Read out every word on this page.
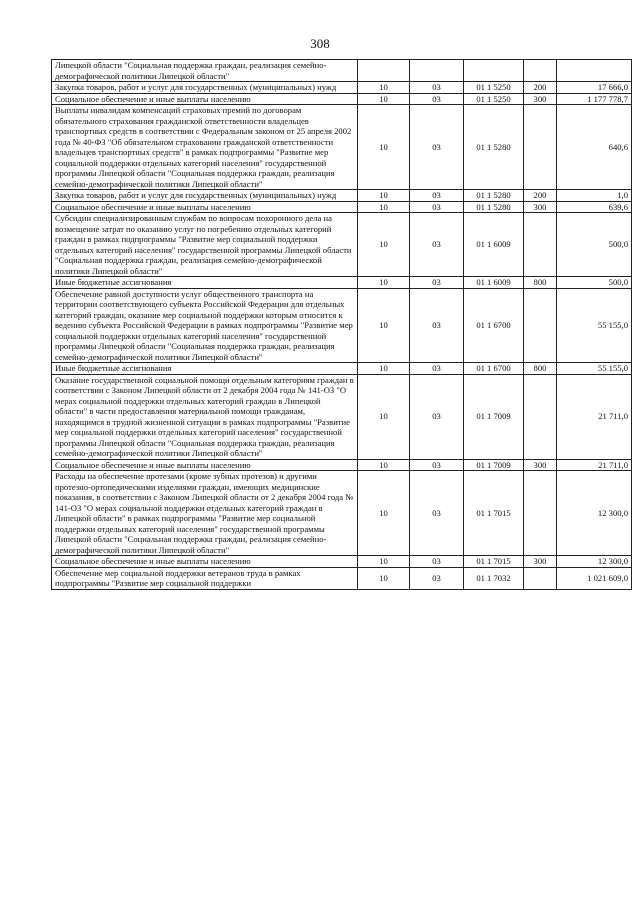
308
Липецкой области "Социальная поддержка граждан, реализация семейно-демографической политики Липецкой области"					
Закупка товаров, работ и услуг для государственных (муниципальных) нужд	10	03	01 1 5250	200	17 666,0
Социальное обеспечение и иные выплаты населению	10	03	01 1 5250	300	1 177 778,7
Выплаты инвалидам компенсаций страховых премий по договорам обязательного страхования гражданской ответственности владельцев транспортных средств в соответствии с Федеральным законом от 25 апреля 2002 года № 40-ФЗ "Об обязательном страховании гражданской ответственности владельцев транспортных средств" в рамках подпрограммы "Развитие мер социальной поддержки отдельных категорий населения" государственной программы Липецкой области "Социальная поддержка граждан, реализация семейно-демографической политики Липецкой области"	10	03	01 1 5280		640,6
Закупка товаров, работ и услуг для государственных (муниципальных) нужд	10	03	01 1 5280	200	1,0
Социальное обеспечение и иные выплаты населению	10	03	01 1 5280	300	639,6
Субсидии специализированным службам по вопросам похоронного дела на возмещение затрат по оказанию услуг по погребению отдельных категорий граждан в рамках подпрограммы "Развитие мер социальной поддержки отдельных категорий населения" государственной программы Липецкой области "Социальная поддержка граждан, реализация семейно-демографической политики Липецкой области"	10	03	01 1 6009		500,0
Иные бюджетные ассигнования	10	03	01 1 6009	800	500,0
Обеспечение равной доступности услуг общественного транспорта на территории соответствующего субъекта Российской Федерации для отдельных категорий граждан, оказание мер социальной поддержки которым относится к ведению субъекта Российской Федерации в рамках подпрограммы "Развитие мер социальной поддержки отдельных категорий населения" государственной программы Липецкой области "Социальная поддержка граждан, реализация семейно-демографической политики Липецкой области"	10	03	01 1 6700		55 155,0
Иные бюджетные ассигнования	10	03	01 1 6700	800	55 155,0
Оказание государственной социальной помощи отдельным категориям граждан в соответствии с Законом Липецкой области от 2 декабря 2004 года № 141-ОЗ "О мерах социальной поддержки отдельных категорий граждан в Липецкой области" в части предоставления материальной помощи гражданам, находящимся в трудной жизненной ситуации в рамках подпрограммы "Развитие мер социальной поддержки отдельных категорий населения" государственной программы Липецкой области "Социальная поддержка граждан, реализация семейно-демографической политики Липецкой области"	10	03	01 1 7009		21 711,0
Социальное обеспечение и иные выплаты населению	10	03	01 1 7009	300	21 711,0
Расходы на обеспечение протезами (кроме зубных протезов) и другими протезно-ортопедическими изделиями граждан, имеющих медицинские показания, в соответствии с Законом Липецкой области от 2 декабря 2004 года № 141-ОЗ "О мерах социальной поддержки отдельных категорий граждан в Липецкой области" в рамках подпрограммы "Развитие мер социальной поддержки отдельных категорий населения" государственной программы Липецкой области "Социальная поддержка граждан, реализация семейно-демографической политики Липецкой области"	10	03	01 1 7015		12 300,0
Социальное обеспечение и иные выплаты населению	10	03	01 1 7015	300	12 300,0
Обеспечение мер социальной поддержки ветеранов труда в рамках подпрограммы "Развитие мер социальной поддержки	10	03	01 1 7032		1 021 609,0
